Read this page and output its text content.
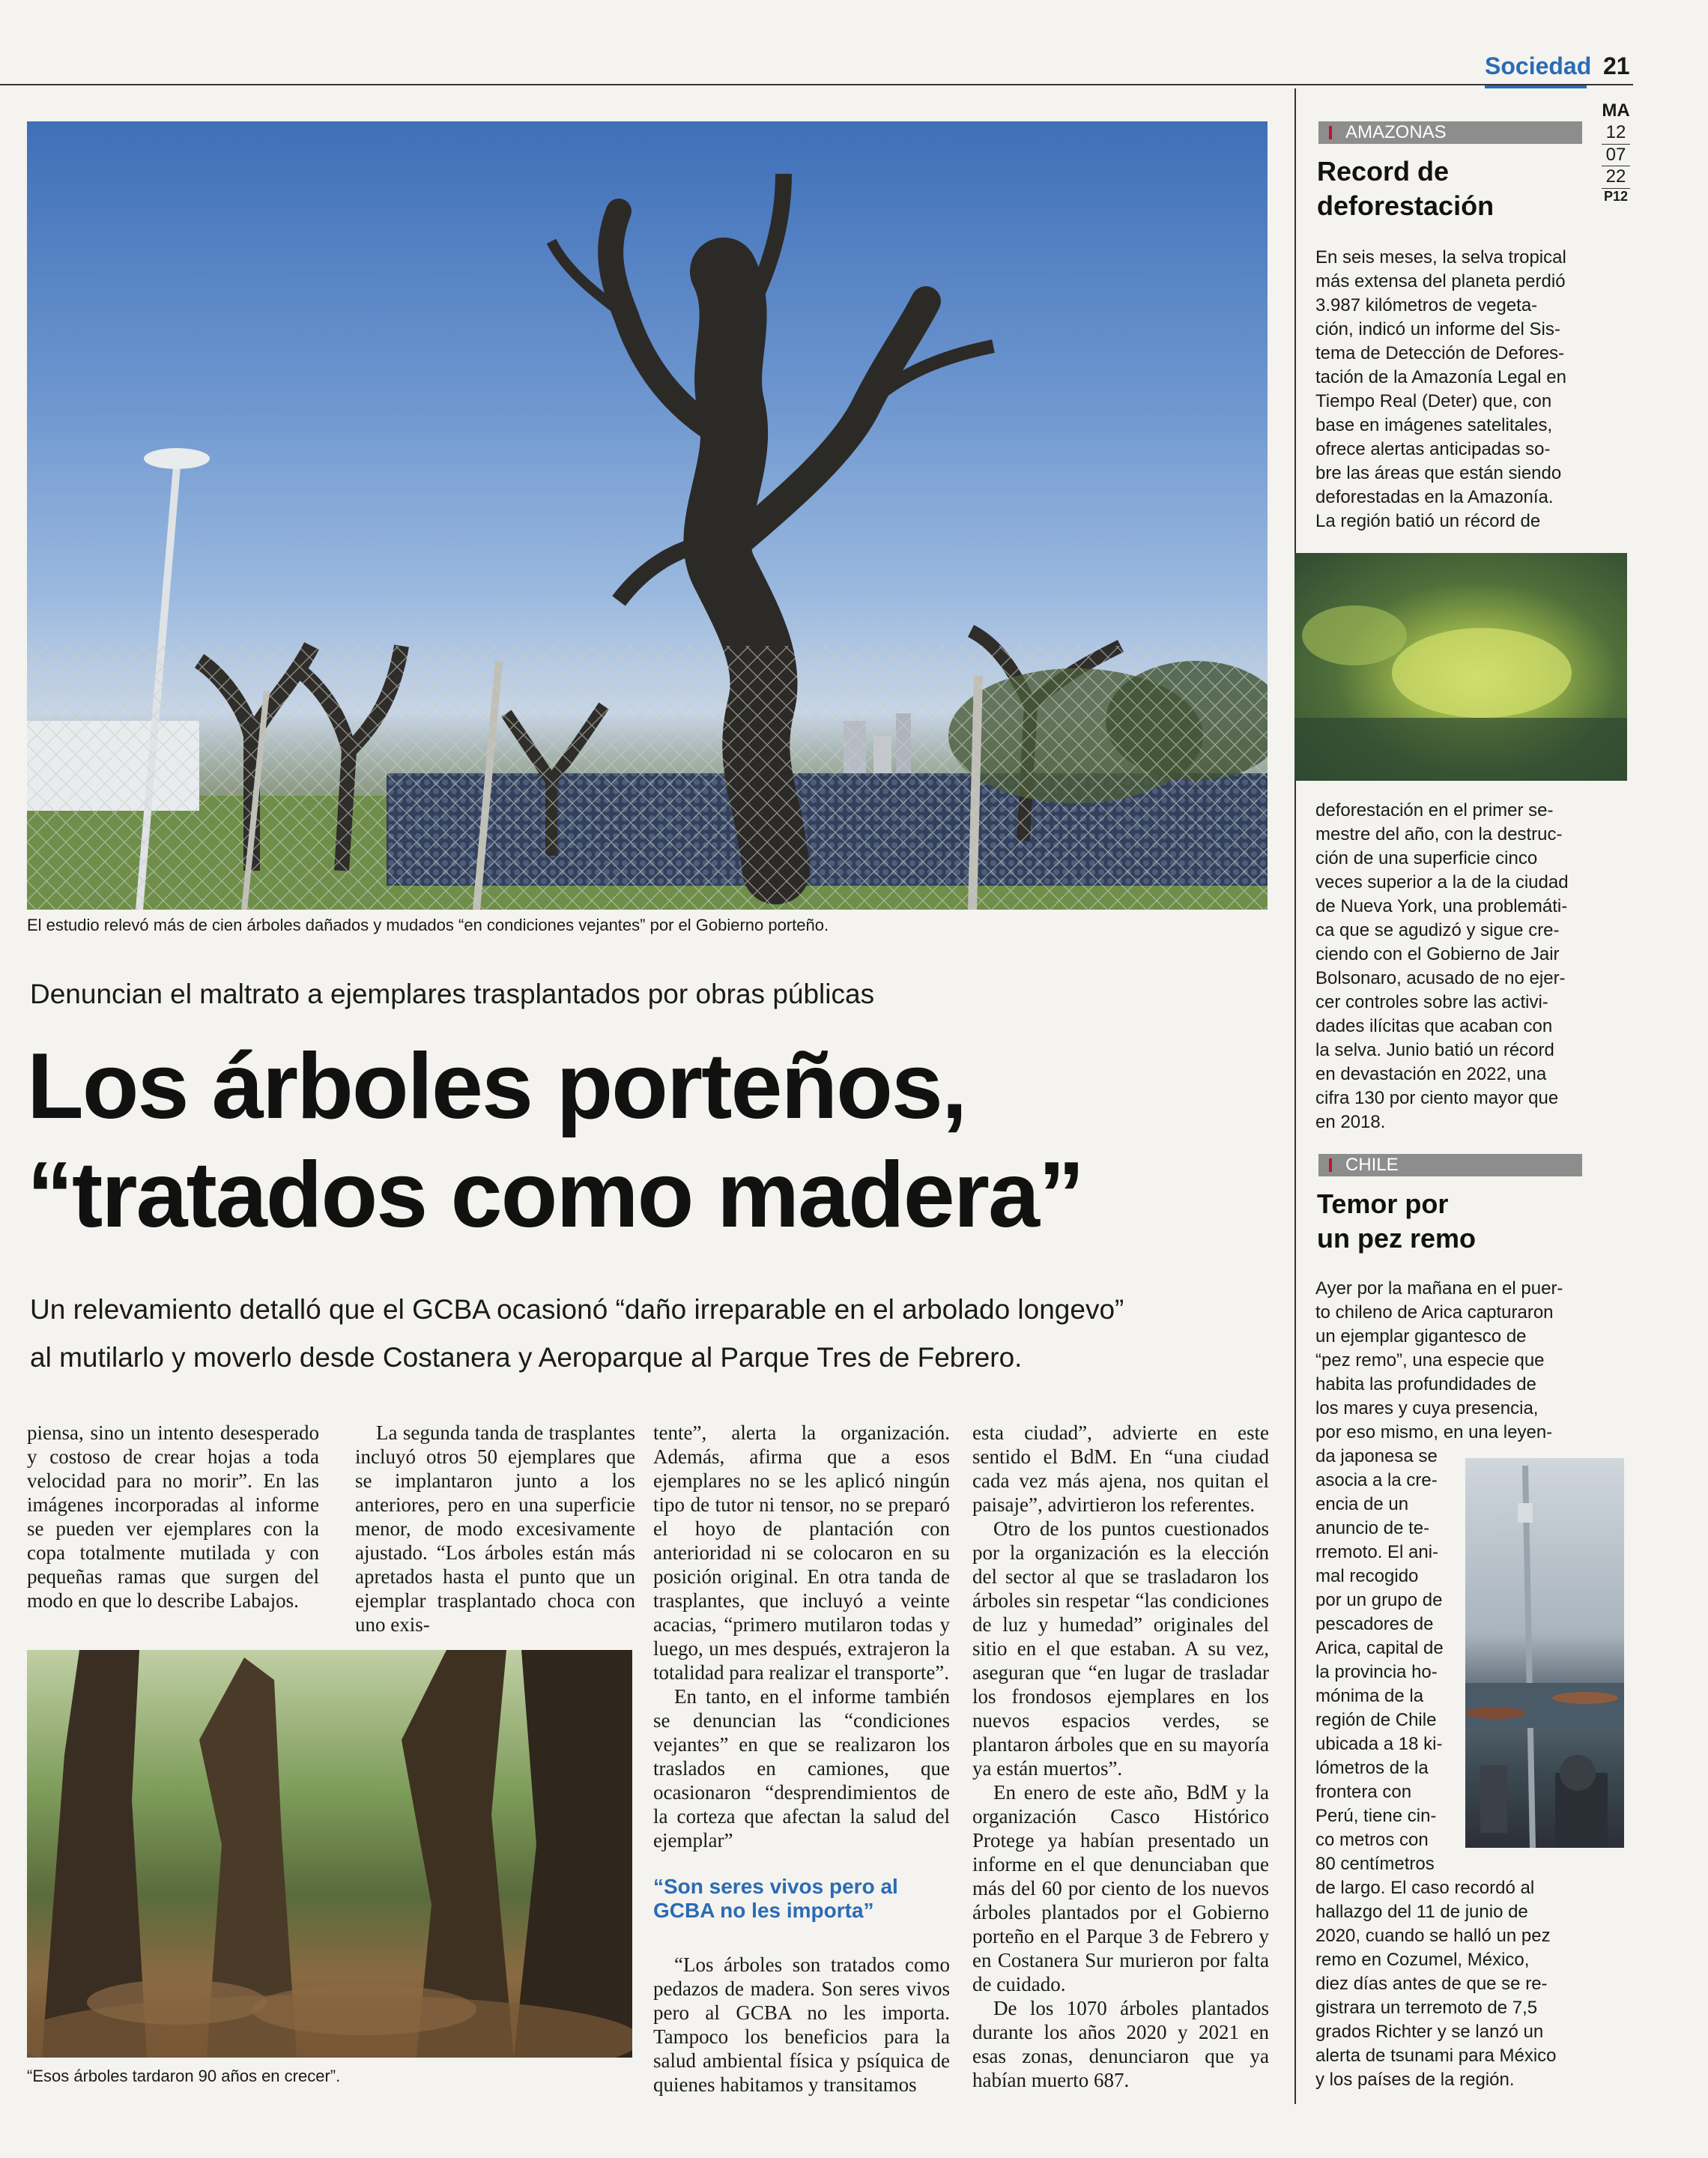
Sociedad 21
MA
12
07
22
P12
El estudio relevó más de cien árboles dañados y mudados “en condiciones vejantes” por el Gobierno porteño.
Denuncian el maltrato a ejemplares trasplantados por obras públicas
Los árboles porteños,
“tratados como madera”
Un relevamiento detalló que el GCBA ocasionó “daño irreparable en el arbolado longevo”
al mutilarlo y moverlo desde Costanera y Aeroparque al Parque Tres de Febrero.

piensa, sino un intento desesperado y costoso de crear hojas a toda velocidad para no morir”. En las imágenes incorporadas al informe se pueden ver ejemplares con la copa totalmente mutilada y con pequeñas ramas que surgen del modo en que lo describe Labajos.

La segunda tanda de trasplantes incluyó otros 50 ejemplares que se implantaron junto a los anteriores, pero en una superficie menor, de modo excesivamente ajustado. “Los árboles están más apretados hasta el punto que un ejemplar trasplantado choca con uno exis-

tente”, alerta la organización. Además, afirma que a esos ejemplares no se les aplicó ningún tipo de tutor ni tensor, no se preparó el hoyo de plantación con anterioridad ni se colocaron en su posición original. En otra tanda de trasplantes, que incluyó a veinte acacias, “primero mutilaron todas y luego, un mes después, extrajeron la totalidad para realizar el transporte”.

En tanto, en el informe también se denuncian las “condiciones vejantes” en que se realizaron los traslados en camiones, que ocasionaron “desprendimientos de la corteza que afectan la salud del ejemplar”

“Son seres vivos pero al GCBA no les importa”

“Los árboles son tratados como pedazos de madera. Son seres vivos pero al GCBA no les importa. Tampoco los beneficios para la salud ambiental física y psíquica de quienes habitamos y transitamos

esta ciudad”, advierte en este sentido el BdM. En “una ciudad cada vez más ajena, nos quitan el paisaje”, advirtieron los referentes.

Otro de los puntos cuestionados por la organización es la elección del sector al que se trasladaron los árboles sin respetar “las condiciones de luz y humedad” originales del sitio en el que estaban. A su vez, aseguran que “en lugar de trasladar los frondosos ejemplares en los nuevos espacios verdes, se plantaron árboles que en su mayoría ya están muertos”.

En enero de este año, BdM y la organización Casco Histórico Protege ya habían presentado un informe en el que denunciaban que más del 60 por ciento de los nuevos árboles plantados por el Gobierno porteño en el Parque 3 de Febrero y en Costanera Sur murieron por falta de cuidado.

De los 1070 árboles plantados durante los años 2020 y 2021 en esas zonas, denunciaron que ya habían muerto 687.

“Esos árboles tardaron 90 años en crecer”.
AMAZONAS
Record de
deforestación
En seis meses, la selva tropical
más extensa del planeta perdió
3.987 kilómetros de vegeta-
ción, indicó un informe del Sis-
tema de Detección de Defores-
tación de la Amazonía Legal en
Tiempo Real (Deter) que, con
base en imágenes satelitales,
ofrece alertas anticipadas so-
bre las áreas que están siendo
deforestadas en la Amazonía.
La región batió un récord de
deforestación en el primer se-
mestre del año, con la destruc-
ción de una superficie cinco
veces superior a la de la ciudad
de Nueva York, una problemáti-
ca que se agudizó y sigue cre-
ciendo con el Gobierno de Jair
Bolsonaro, acusado de no ejer-
cer controles sobre las activi-
dades ilícitas que acaban con
la selva. Junio batió un récord
en devastación en 2022, una
cifra 130 por ciento mayor que
en 2018.
CHILE
Temor por
un pez remo
Ayer por la mañana en el puer-
to chileno de Arica capturaron
un ejemplar gigantesco de
“pez remo”, una especie que
habita las profundidades de
los mares y cuya presencia,
por eso mismo, en una leyen-
da japonesa se
asocia a la cre-
encia de un
anuncio de te-
rremoto. El ani-
mal recogido
por un grupo de
pescadores de
Arica, capital de
la provincia ho-
mónima de la
región de Chile
ubicada a 18 ki-
lómetros de la
frontera con
Perú, tiene cin-
co metros con
80 centímetros
de largo. El caso recordó al
hallazgo del 11 de junio de
2020, cuando se halló un pez
remo en Cozumel, México,
diez días antes de que se re-
gistrara un terremoto de 7,5
grados Richter y se lanzó un
alerta de tsunami para México
y los países de la región.
